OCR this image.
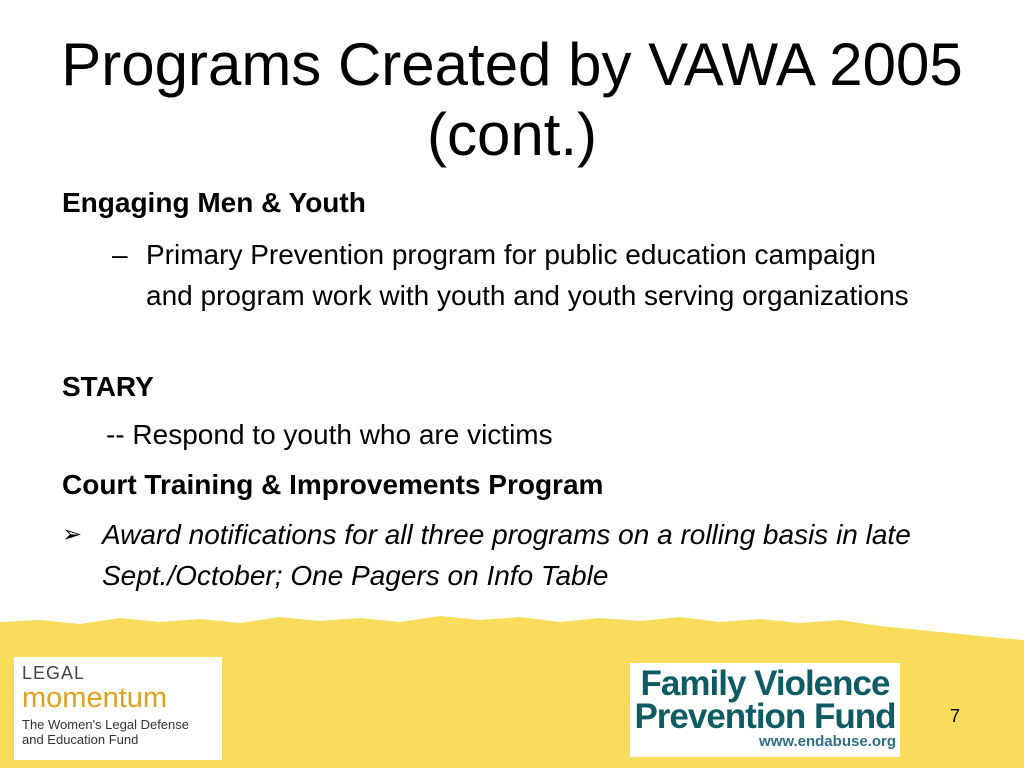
Programs Created by VAWA 2005 (cont.)
Engaging Men & Youth
– Primary Prevention program for public education campaign and program work with youth and youth serving organizations
STARY
-- Respond to youth who are victims
Court Training & Improvements Program
➢ Award notifications for all three programs on a rolling basis in late Sept./October; One Pagers on Info Table
LEGAL
momentum
The Women's Legal Defense
and Education Fund
Family Violence
Prevention Fund
www.endabuse.org
7
